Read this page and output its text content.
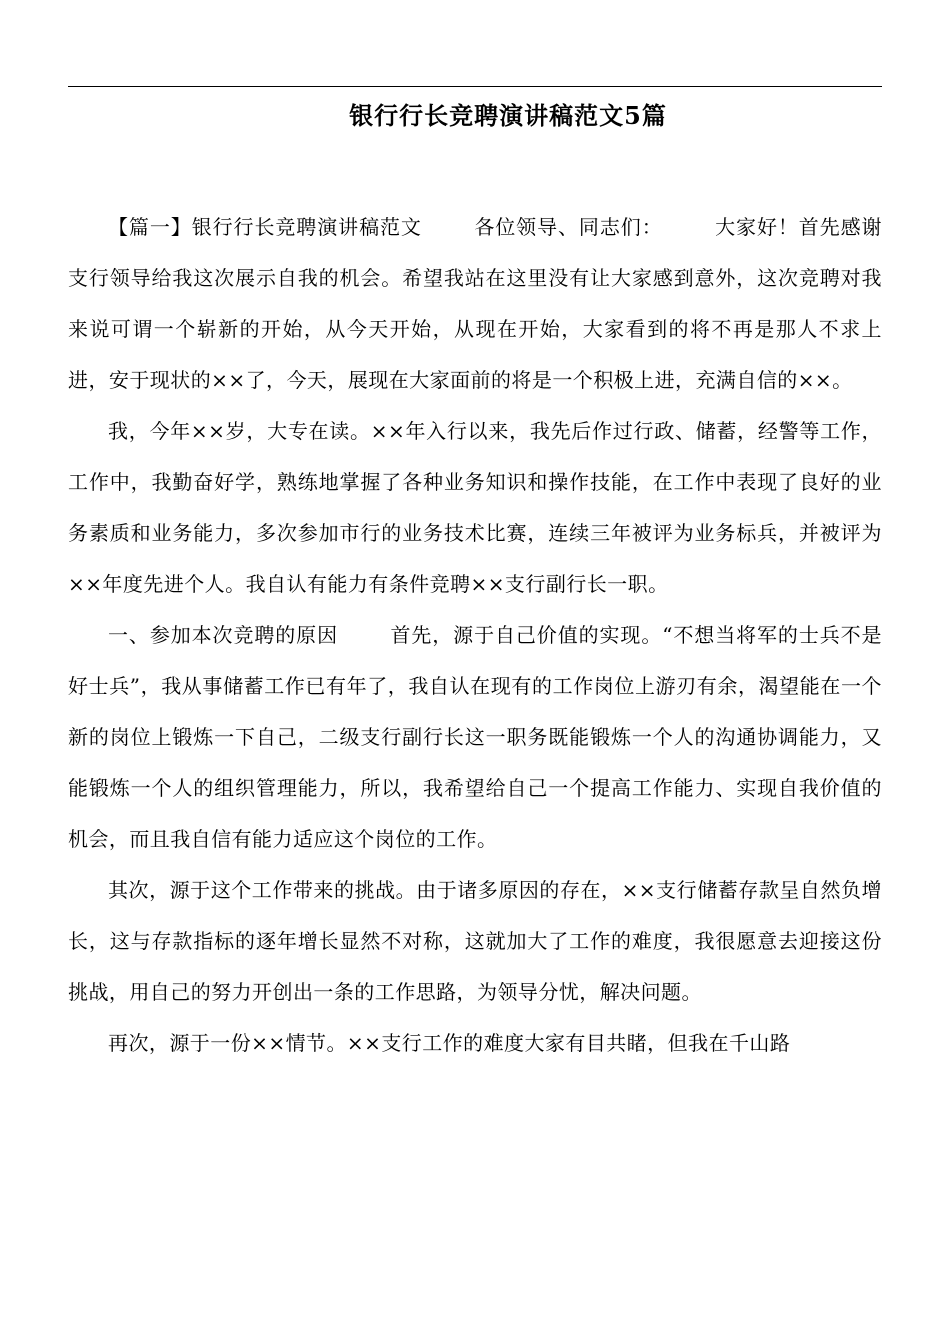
银行行长竞聘演讲稿范文5篇

【篇一】银行行长竞聘演讲稿范文	各位领导、同志们：	大家好！首先感谢支行领导给我这次展示自我的机会。希望我站在这里没有让大家感到意外，这次竞聘对我来说可谓一个崭新的开始，从今天开始，从现在开始，大家看到的将不再是那人不求上进，安于现状的××了，今天，展现在大家面前的将是一个积极上进，充满自信的××。

我，今年××岁，大专在读。××年入行以来，我先后作过行政、储蓄，经警等工作，工作中，我勤奋好学，熟练地掌握了各种业务知识和操作技能，在工作中表现了良好的业务素质和业务能力，多次参加市行的业务技术比赛，连续三年被评为业务标兵，并被评为××年度先进个人。我自认有能力有条件竞聘××支行副行长一职。

一、参加本次竞聘的原因	首先，源于自己价值的实现。“不想当将军的士兵不是好士兵”，我从事储蓄工作已有年了，我自认在现有的工作岗位上游刃有余，渴望能在一个新的岗位上锻炼一下自己，二级支行副行长这一职务既能锻炼一个人的沟通协调能力，又能锻炼一个人的组织管理能力，所以，我希望给自己一个提高工作能力、实现自我价值的机会，而且我自信有能力适应这个岗位的工作。

其次，源于这个工作带来的挑战。由于诸多原因的存在，××支行储蓄存款呈自然负增长，这与存款指标的逐年增长显然不对称，这就加大了工作的难度，我很愿意去迎接这份挑战，用自己的努力开创出一条的工作思路，为领导分忧，解决问题。

再次，源于一份××情节。××支行工作的难度大家有目共睹，但我在千山路
